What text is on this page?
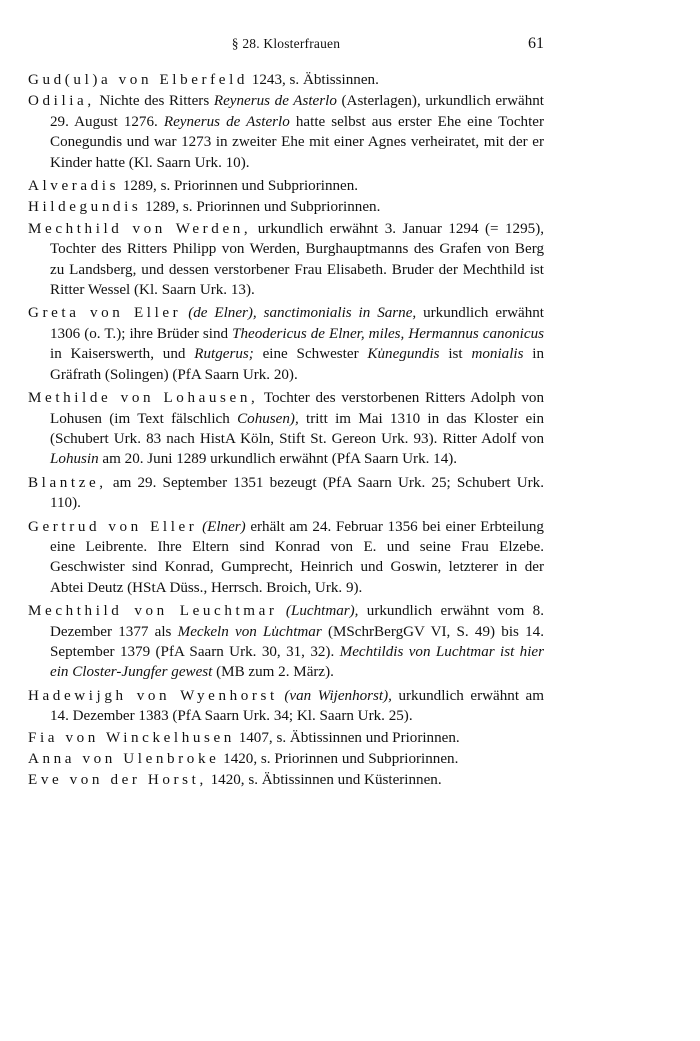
§ 28. Klosterfrauen	61

Gud(ul)a von Elberfeld 1243, s. Äbtissinnen.

Odilia, Nichte des Ritters Reynerus de Asterlo (Asterlagen), urkundlich erwähnt 29. August 1276. Reynerus de Asterlo hatte selbst aus erster Ehe eine Tochter Conegundis und war 1273 in zweiter Ehe mit einer Agnes verheiratet, mit der er Kinder hatte (Kl. Saarn Urk. 10).

Alveradis 1289, s. Priorinnen und Subpriorinnen.

Hildegundis 1289, s. Priorinnen und Subpriorinnen.

Mechthild von Werden, urkundlich erwähnt 3. Januar 1294 (= 1295), Tochter des Ritters Philipp von Werden, Burghauptmanns des Grafen von Berg zu Landsberg, und dessen verstorbener Frau Elisabeth. Bruder der Mechthild ist Ritter Wessel (Kl. Saarn Urk. 13).

Greta von Eller (de Elner), sanctimonialis in Sarne, urkundlich erwähnt 1306 (o. T.); ihre Brüder sind Theodericus de Elner, miles, Hermannus canonicus in Kaiserswerth, und Rutgerus; eine Schwester Ku̍negundis ist monialis in Gräfrath (Solingen) (PfA Saarn Urk. 20).

Methilde von Lohausen, Tochter des verstorbenen Ritters Adolph von Lohusen (im Text fälschlich Cohusen), tritt im Mai 1310 in das Kloster ein (Schubert Urk. 83 nach HistA Köln, Stift St. Gereon Urk. 93). Ritter Adolf von Lohusin am 20. Juni 1289 urkundlich erwähnt (PfA Saarn Urk. 14).

Blantze, am 29. September 1351 bezeugt (PfA Saarn Urk. 25; Schubert Urk. 110).

Gertrud von Eller (Elner) erhält am 24. Februar 1356 bei einer Erbteilung eine Leibrente. Ihre Eltern sind Konrad von E. und seine Frau Elzebe. Geschwister sind Konrad, Gumprecht, Heinrich und Goswin, letzterer in der Abtei Deutz (HStA Düss., Herrsch. Broich, Urk. 9).

Mechthild von Leuchtmar (Luchtmar), urkundlich erwähnt vom 8. Dezember 1377 als Meckeln von Lu̍chtmar (MSchrBergGV VI, S. 49) bis 14. September 1379 (PfA Saarn Urk. 30, 31, 32). Mechtildis von Luchtmar ist hier ein Closter-Jungfer gewest (MB zum 2. März).

Hadewijgh von Wyenhorst (van Wijenhorst), urkundlich erwähnt am 14. Dezember 1383 (PfA Saarn Urk. 34; Kl. Saarn Urk. 25).

Fia von Winckelhusen 1407, s. Äbtissinnen und Priorinnen.

Anna von Ulenbroke 1420, s. Priorinnen und Subpriorinnen.

Eve von der Horst, 1420, s. Äbtissinnen und Küsterinnen.
